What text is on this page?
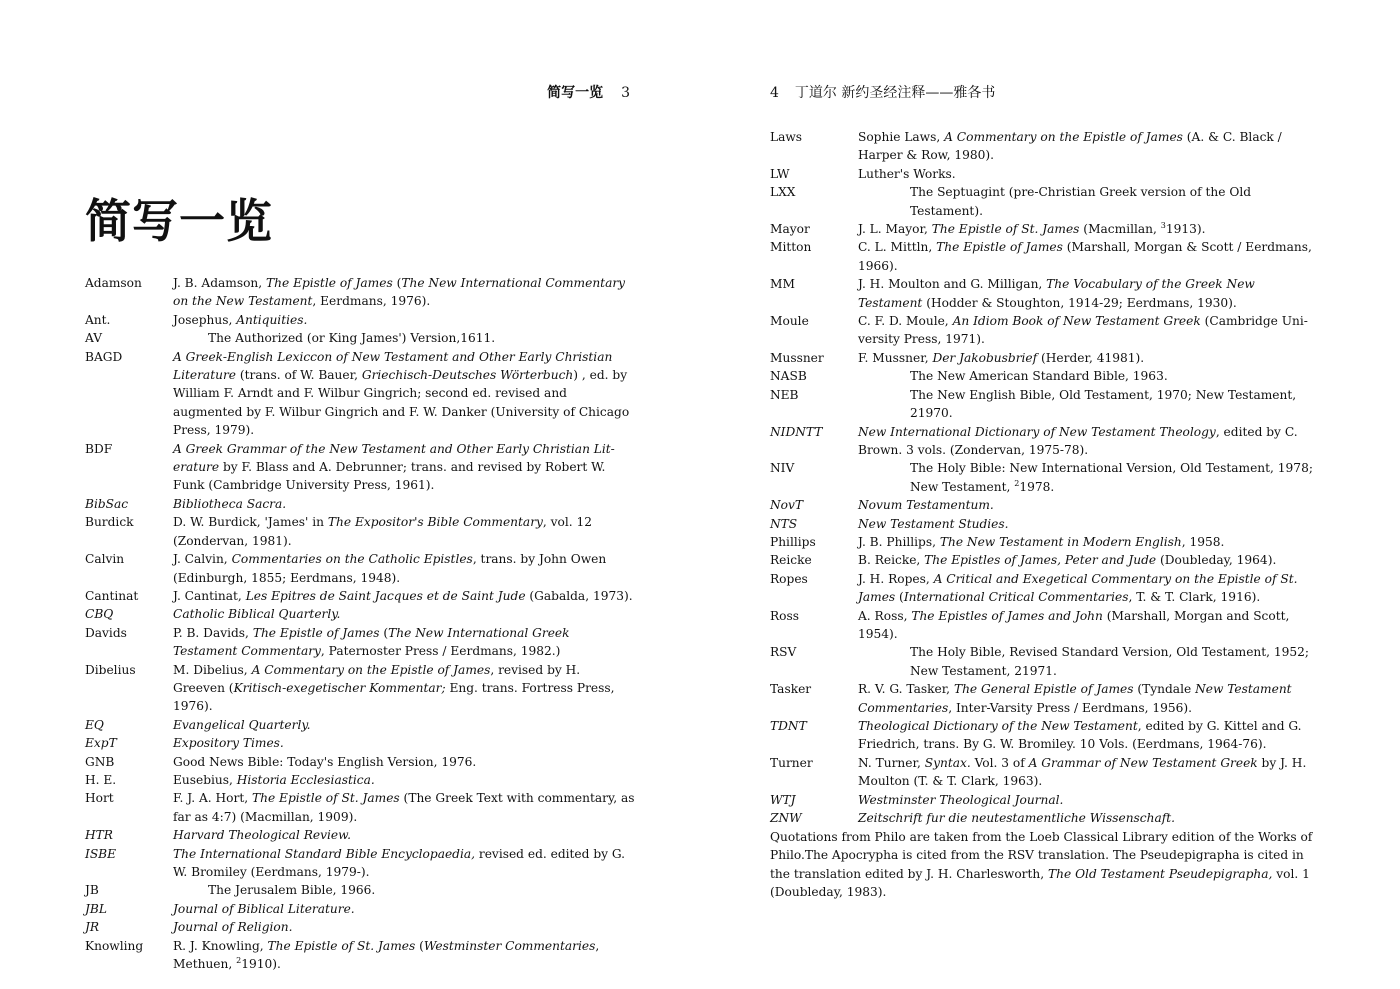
简写一览 3
简写一览
Adamson	J. B. Adamson, The Epistle of James (The New International Commentary on the New Testament, Eerdmans, 1976).
Ant.	Josephus, Antiquities.
AV	The Authorized (or King James') Version,1611.
BAGD	A Greek-English Lexiccon of New Testament and Other Early Christian Literature (trans. of W. Bauer, Griechisch-Deutsches Wörterbuch) , ed. by William F. Arndt and F. Wilbur Gingrich; second ed. revised and augmented by F. Wilbur Gingrich and F. W. Danker (University of Chicago Press, 1979).
BDF	A Greek Grammar of the New Testament and Other Early Christian Lit-erature by F. Blass and A. Debrunner; trans. and revised by Robert W. Funk (Cambridge University Press, 1961).
BibSac	Bibliotheca Sacra.
Burdick	D. W. Burdick, 'James' in The Expositor's Bible Commentary, vol. 12 (Zondervan, 1981).
Calvin	J. Calvin, Commentaries on the Catholic Epistles, trans. by John Owen (Edinburgh, 1855; Eerdmans, 1948).
Cantinat	J. Cantinat, Les Epitres de Saint Jacques et de Saint Jude (Gabalda, 1973).
CBQ	Catholic Biblical Quarterly.
Davids	P. B. Davids, The Epistle of James (The New International Greek Testament Commentary, Paternoster Press / Eerdmans, 1982.)
Dibelius	M. Dibelius, A Commentary on the Epistle of James, revised by H. Greeven (Kritisch-exegetischer Kommentar; Eng. trans. Fortress Press, 1976).
EQ	Evangelical Quarterly.
ExpT	Expository Times.
GNB	Good News Bible: Today's English Version, 1976.
H. E.	Eusebius, Historia Ecclesiastica.
Hort	F. J. A. Hort, The Epistle of St. James (The Greek Text with commentary, as far as 4:7) (Macmillan, 1909).
HTR	Harvard Theological Review.
ISBE	The International Standard Bible Encyclopaedia, revised ed. edited by G. W. Bromiley (Eerdmans, 1979-).
JB	The Jerusalem Bible, 1966.
JBL	Journal of Biblical Literature.
JR	Journal of Religion.
Knowling	R. J. Knowling, The Epistle of St. James (Westminster Commentaries, Methuen, $^2$1910).
4 丁道尔 新约圣经注释——雅各书
Laws	Sophie Laws, A Commentary on the Epistle of James (A. & C. Black / Harper & Row, 1980).
LW	Luther's Works.
LXX	The Septuagint (pre-Christian Greek version of the Old Testament).
Mayor	J. L. Mayor, The Epistle of St. James (Macmillan, $^3$1913).
Mitton	C. L. Mittln, The Epistle of James (Marshall, Morgan & Scott / Eerdmans, 1966).
MM	J. H. Moulton and G. Milligan, The Vocabulary of the Greek New Testament (Hodder & Stoughton, 1914-29; Eerdmans, 1930).
Moule	C. F. D. Moule, An Idiom Book of New Testament Greek (Cambridge Uni-versity Press, 1971).
Mussner	F. Mussner, Der Jakobusbrief (Herder, 41981).
NASB	The New American Standard Bible, 1963.
NEB	The New English Bible, Old Testament, 1970; New Testament, 21970.
NIDNTT	New International Dictionary of New Testament Theology, edited by C. Brown. 3 vols. (Zondervan, 1975-78).
NIV	The Holy Bible: New International Version, Old Testament, 1978; New Testament, $^2$1978.
NovT	Novum Testamentum.
NTS	New Testament Studies.
Phillips	J. B. Phillips, The New Testament in Modern English, 1958.
Reicke	B. Reicke, The Epistles of James, Peter and Jude (Doubleday, 1964).
Ropes	J. H. Ropes, A Critical and Exegetical Commentary on the Epistle of St. James (International Critical Commentaries, T. & T. Clark, 1916).
Ross	A. Ross, The Epistles of James and John (Marshall, Morgan and Scott, 1954).
RSV	The Holy Bible, Revised Standard Version, Old Testament, 1952; New Testament, 21971.
Tasker	R. V. G. Tasker, The General Epistle of James (Tyndale New Testament Commentaries, Inter-Varsity Press / Eerdmans, 1956).
TDNT	Theological Dictionary of the New Testament, edited by G. Kittel and G. Friedrich, trans. By G. W. Bromiley. 10 Vols. (Eerdmans, 1964-76).
Turner	N. Turner, Syntax. Vol. 3 of A Grammar of New Testament Greek by J. H. Moulton (T. & T. Clark, 1963).
WTJ	Westminster Theological Journal.
ZNW	Zeitschrift fur die neutestamentliche Wissenschaft.
Quotations from Philo are taken from the Loeb Classical Library edition of the Works of Philo.The Apocrypha is cited from the RSV translation. The Pseudepigrapha is cited in the translation edited by J. H. Charlesworth, The Old Testament Pseudepigrapha, vol. 1 (Doubleday, 1983).
